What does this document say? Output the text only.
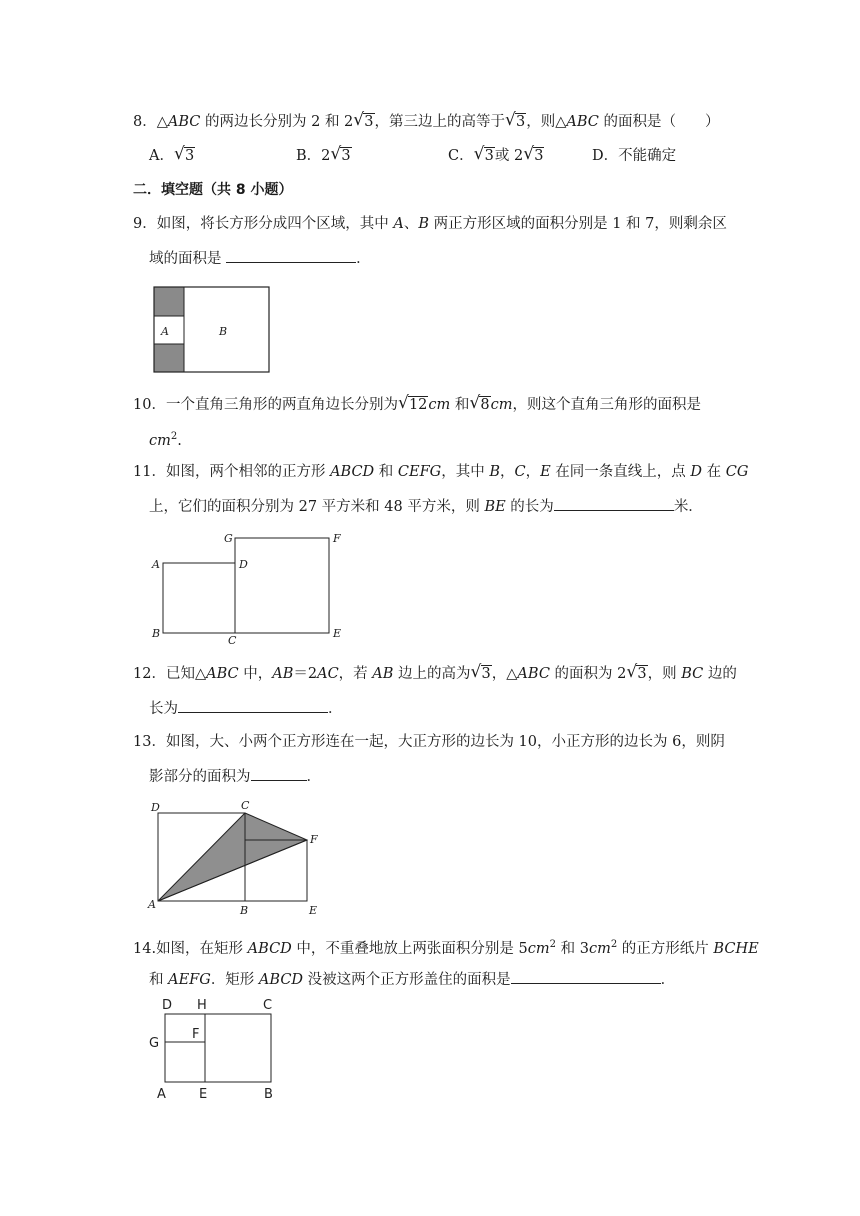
8．△ABC 的两边长分别为 2 和 2 √ 3，第三边上的高等于 √ 3，则△ABC 的面积是（　　）
A． √ 3	B．2 √ 3	C． √ 3或 2 √ 3	D．不能确定
二．填空题（共 8 小题）
9．如图，将长方形分成四个区域，其中 A、B 两正方形区域的面积分别是 1 和 7，则剩余区
域的面积是	．
A	B
10．一个直角三角形的两直角边长分别为 √ 12cm 和 √ 8cm，则这个直角三角形的面积是
$cm^2$.
11．如图，两个相邻的正方形 ABCD 和 CEFG，其中 B，C，E 在同一条直线上，点 D 在 CG
上，它们的面积分别为 27 平方米和 48 平方米，则 BE 的长为	米．
A
B
C
D
E
F
G
12．已知△ABC 中，AB＝2AC，若 AB 边上的高为 √ 3，△ABC 的面积为 2 √ 3，则 BC 边的
长为	．
13．如图，大、小两个正方形连在一起，大正方形的边长为 10，小正方形的边长为 6，则阴
影部分的面积为	．
D	C
F
A	B	E
14.如图，在矩形 ABCD 中，不重叠地放上两张面积分别是 $5cm^2$ 和 $3cm^2$ 的正方形纸片 BCHE
和 AEFG．矩形 ABCD 没被这两个正方形盖住的面积是	．
D H	C
F
G
A	E	B
